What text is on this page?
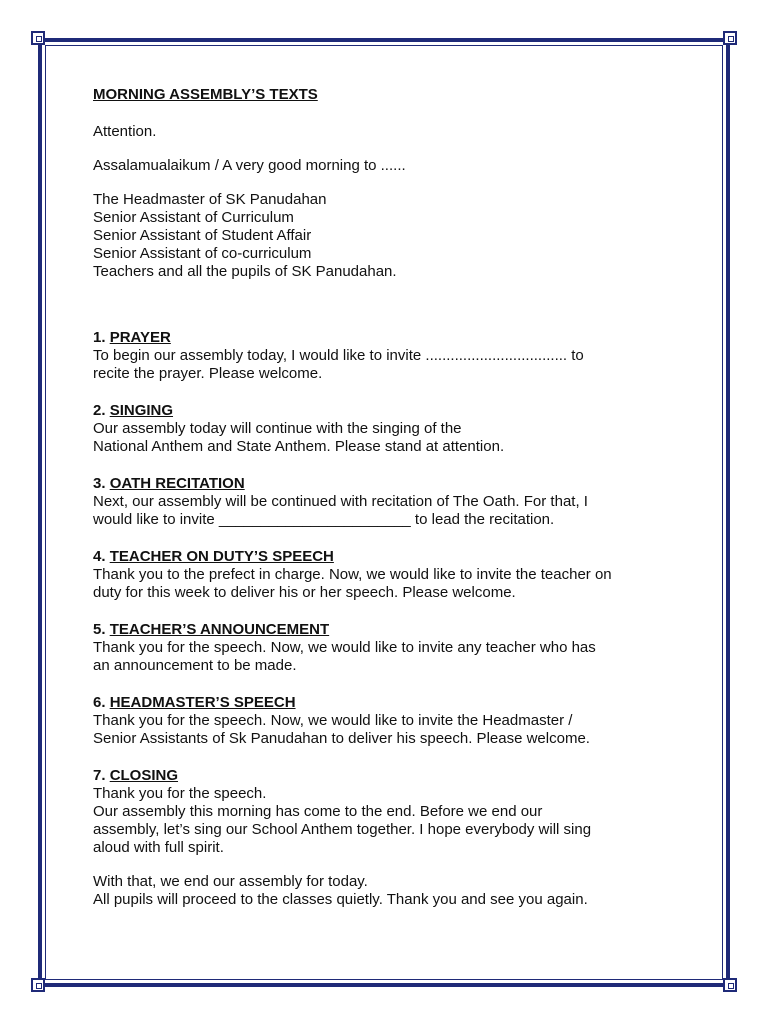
MORNING ASSEMBLY’S TEXTS

Attention.

Assalamualaikum / A very good morning to ......

The Headmaster of SK Panudahan

Senior Assistant of Curriculum

Senior Assistant of Student Affair

Senior Assistant of co-curriculum

Teachers and all the pupils of SK Panudahan.

1. PRAYER

To begin our assembly today, I would like to invite .................................. to

recite the prayer. Please welcome.

2. SINGING

Our assembly today will continue with the singing of the

National Anthem and State Anthem. Please stand at attention.

3. OATH RECITATION

Next, our assembly will be continued with recitation of The Oath. For that, I

would like to invite _______________________ to lead the recitation.

4. TEACHER ON DUTY’S SPEECH

Thank you to the prefect in charge. Now, we would like to invite the teacher on

duty for this week to deliver his or her speech. Please welcome.

5. TEACHER’S ANNOUNCEMENT

Thank you for the speech. Now, we would like to invite any teacher who has

an announcement to be made.

6. HEADMASTER’S SPEECH

Thank you for the speech. Now, we would like to invite the Headmaster /

Senior Assistants of Sk Panudahan to deliver his speech. Please welcome.

7. CLOSING

Thank you for the speech.

Our assembly this morning has come to the end. Before we end our

assembly, let’s sing our School Anthem together. I hope everybody will sing

aloud with full spirit.

With that, we end our assembly for today.

All pupils will proceed to the classes quietly. Thank you and see you again.
